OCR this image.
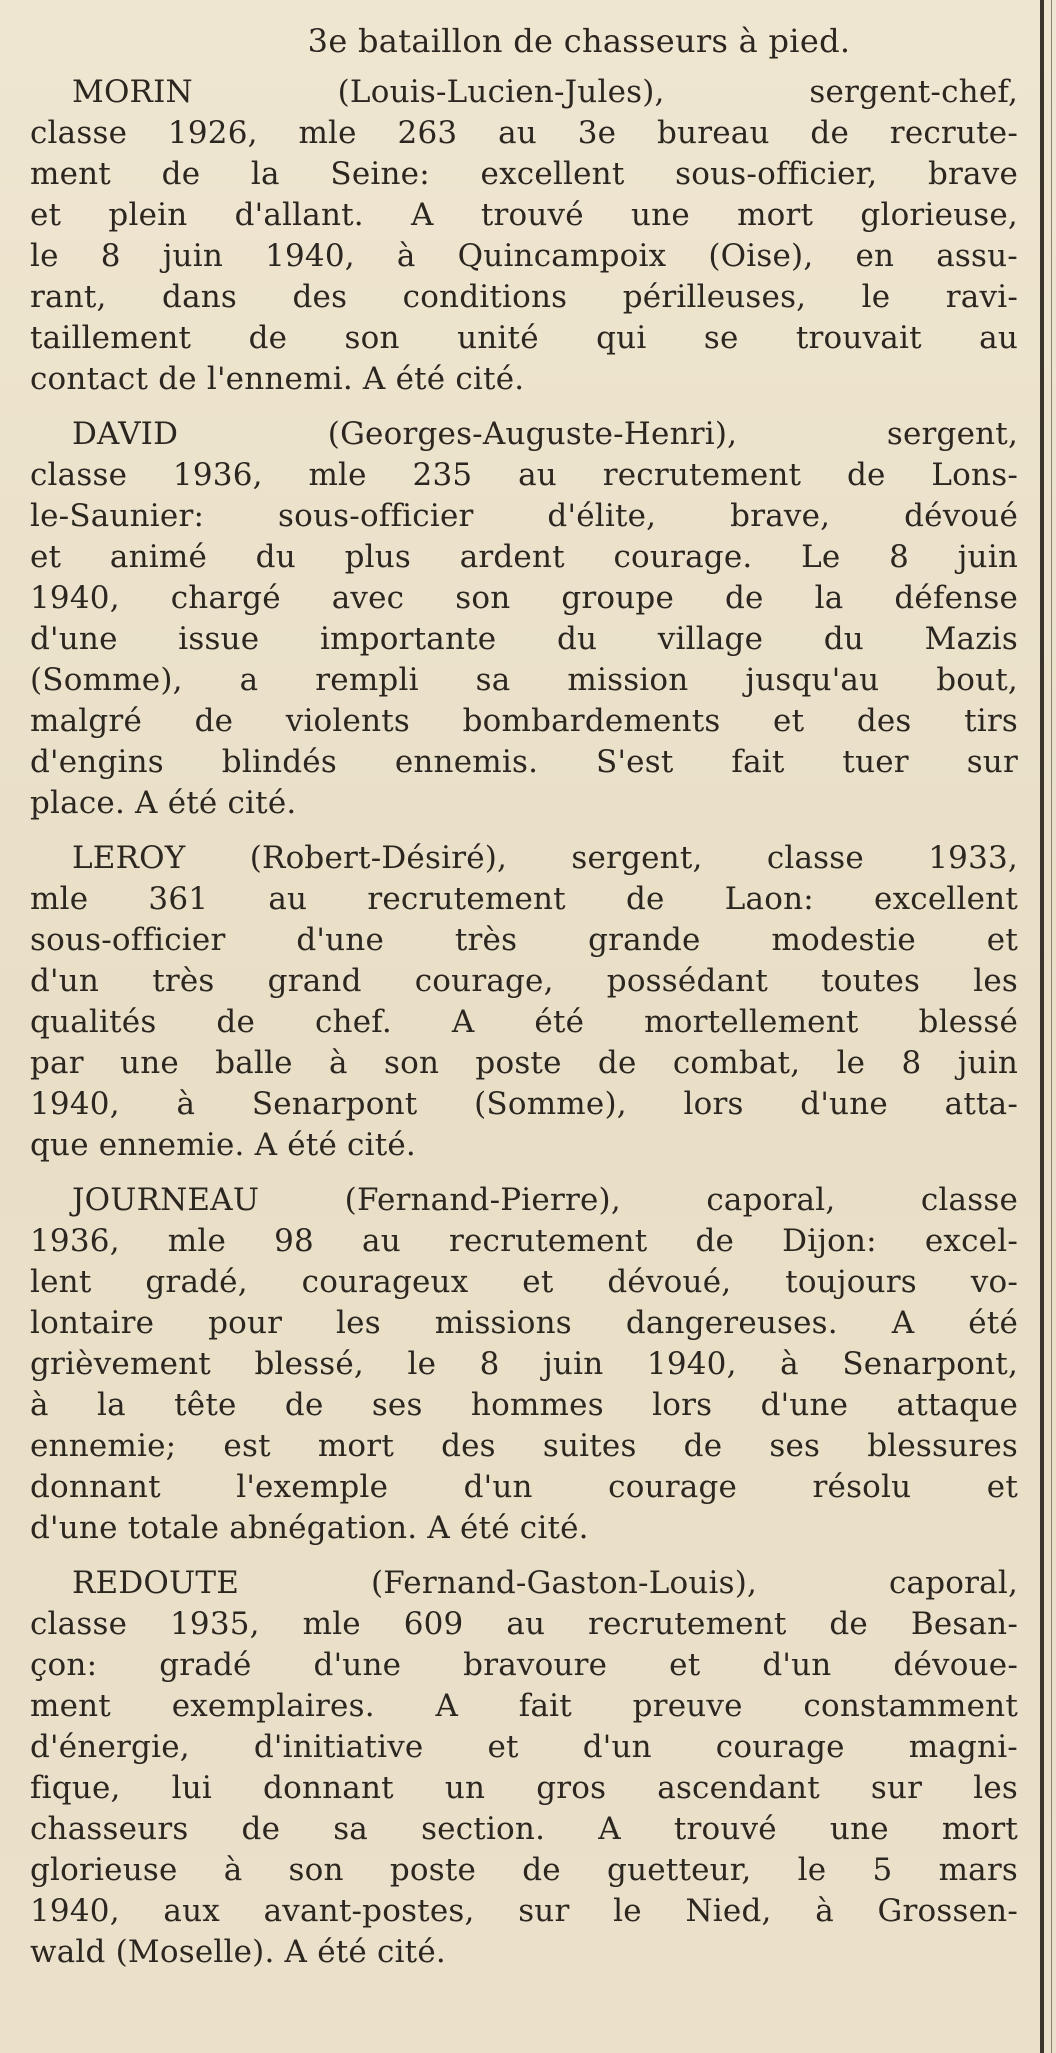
3e bataillon de chasseurs à pied.
MORIN (Louis-Lucien-Jules), sergent-chef,
classe 1926, mle 263 au 3e bureau de recrute-
ment de la Seine: excellent sous-officier, brave
et plein d'allant. A trouvé une mort glorieuse,
le 8 juin 1940, à Quincampoix (Oise), en assu-
rant, dans des conditions périlleuses, le ravi-
taillement de son unité qui se trouvait au
contact de l'ennemi. A été cité.
DAVID (Georges-Auguste-Henri), sergent,
classe 1936, mle 235 au recrutement de Lons-
le-Saunier: sous-officier d'élite, brave, dévoué
et animé du plus ardent courage. Le 8 juin
1940, chargé avec son groupe de la défense
d'une issue importante du village du Mazis
(Somme), a rempli sa mission jusqu'au bout,
malgré de violents bombardements et des tirs
d'engins blindés ennemis. S'est fait tuer sur
place. A été cité.
LEROY (Robert-Désiré), sergent, classe 1933,
mle 361 au recrutement de Laon: excellent
sous-officier d'une très grande modestie et
d'un très grand courage, possédant toutes les
qualités de chef. A été mortellement blessé
par une balle à son poste de combat, le 8 juin
1940, à Senarpont (Somme), lors d'une atta-
que ennemie. A été cité.
JOURNEAU (Fernand-Pierre), caporal, classe
1936, mle 98 au recrutement de Dijon: excel-
lent gradé, courageux et dévoué, toujours vo-
lontaire pour les missions dangereuses. A été
grièvement blessé, le 8 juin 1940, à Senarpont,
à la tête de ses hommes lors d'une attaque
ennemie; est mort des suites de ses blessures
donnant l'exemple d'un courage résolu et
d'une totale abnégation. A été cité.
REDOUTE (Fernand-Gaston-Louis), caporal,
classe 1935, mle 609 au recrutement de Besan-
çon: gradé d'une bravoure et d'un dévoue-
ment exemplaires. A fait preuve constamment
d'énergie, d'initiative et d'un courage magni-
fique, lui donnant un gros ascendant sur les
chasseurs de sa section. A trouvé une mort
glorieuse à son poste de guetteur, le 5 mars
1940, aux avant-postes, sur le Nied, à Grossen-
wald (Moselle). A été cité.
